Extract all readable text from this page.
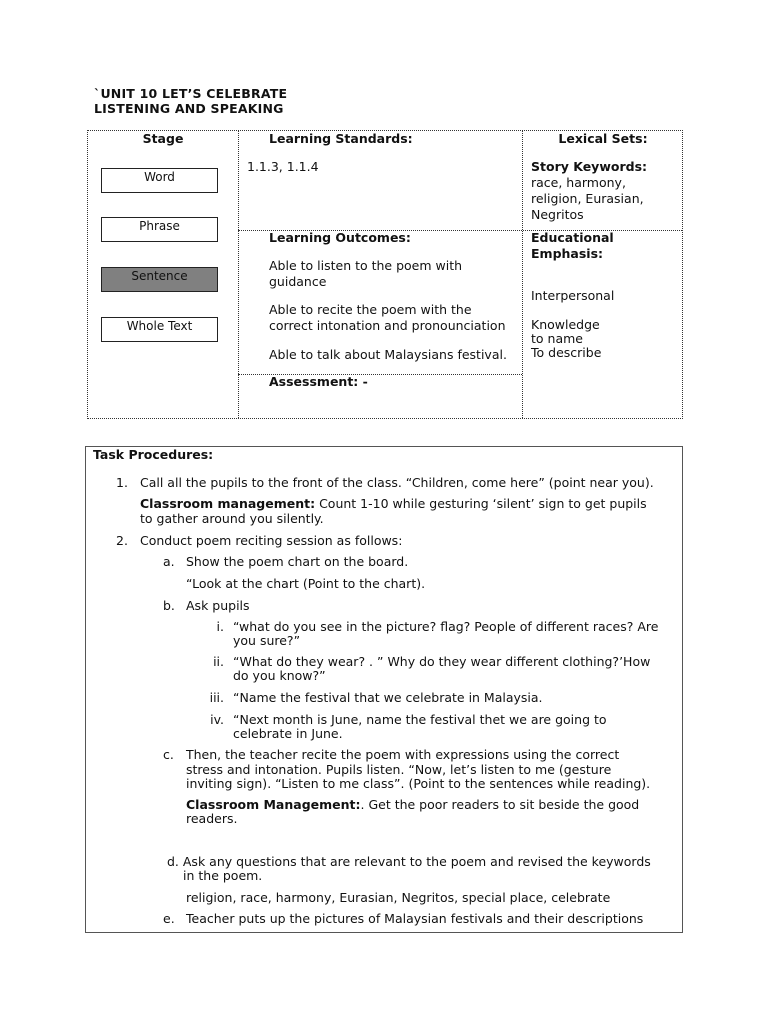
`UNIT 10 LET’S CELEBRATE
LISTENING AND SPEAKING
Stage
Word
Phrase
Sentence
Whole Text
Learning Standards:
1.1.3, 1.1.4
Lexical Sets:
Story Keywords:
race, harmony,
religion, Eurasian,
Negritos
Learning Outcomes:
Able to listen to the poem with
guidance
Able to recite the poem with the
correct intonation and pronounciation
Able to talk about Malaysians festival.
Educational
Emphasis:
Interpersonal
Knowledge
to name
To describe
Assessment: -
Task Procedures:
1. Call all the pupils to the front of the class. “Children, come here” (point near you).
Classroom management: Count 1-10 while gesturing ‘silent’ sign to get pupils
to gather around you silently.
2. Conduct poem reciting session as follows:
a. Show the poem chart on the board.
“Look at the chart (Point to the chart).
b. Ask pupils
i. “what do you see in the picture? flag? People of different races? Are
you sure?”
ii. “What do they wear? . ” Why do they wear different clothing?’How
do you know?”
iii. “Name the festival that we celebrate in Malaysia.
iv. “Next month is June, name the festival thet we are going to
celebrate in June.
c. Then, the teacher recite the poem with expressions using the correct
stress and intonation. Pupils listen. “Now, let’s listen to me (gesture
inviting sign). “Listen to me class”. (Point to the sentences while reading).
Classroom Management:. Get the poor readers to sit beside the good
readers.
d. Ask any questions that are relevant to the poem and revised the keywords
in the poem.
religion, race, harmony, Eurasian, Negritos, special place, celebrate
e. Teacher puts up the pictures of Malaysian festivals and their descriptions
